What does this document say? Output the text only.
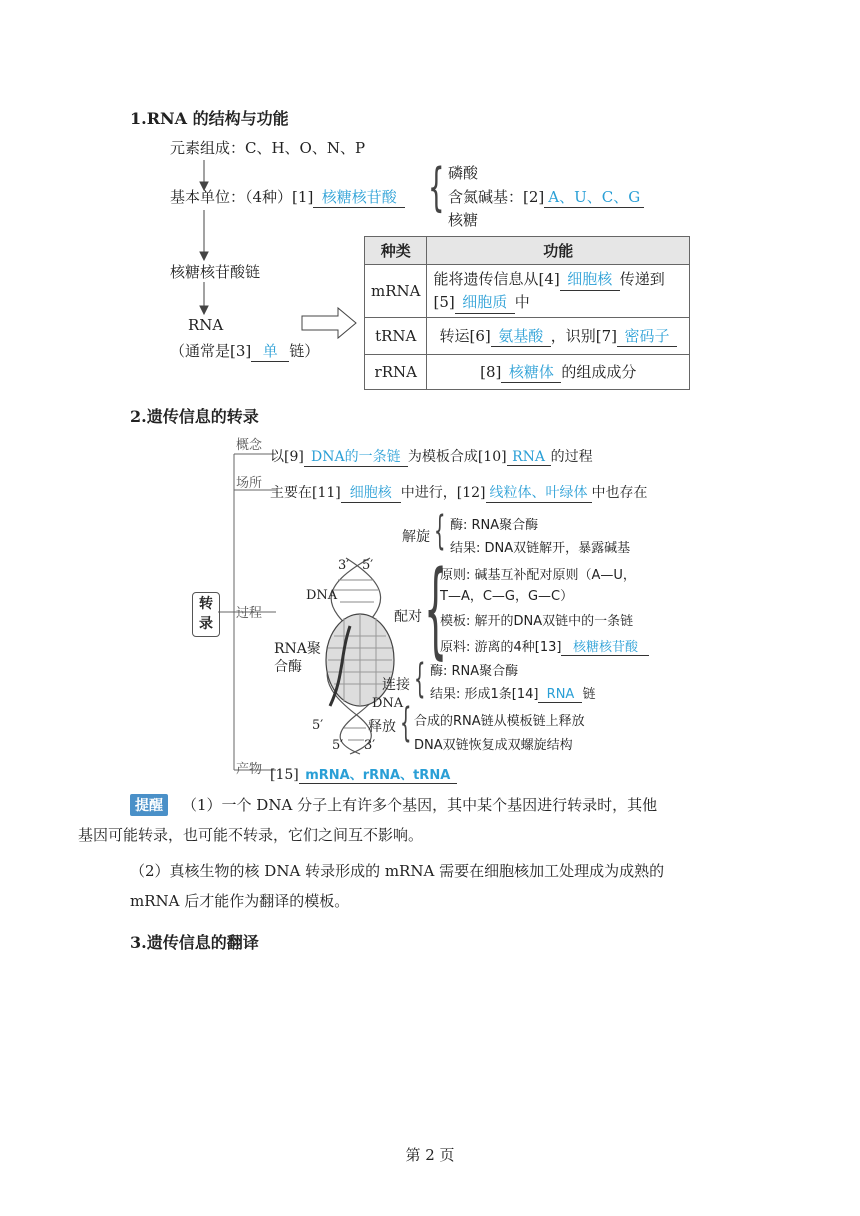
1.RNA 的结构与功能
元素组成：C、H、O、N、P
基本单位：（4种）[1] 核糖核苷酸 { 磷酸
含氮碱基：[2] A、U、C、G
核糖
核糖核苷酸链
RNA
（通常是[3] 单 链）
种类	功能
mRNA	能将遗传信息从[4] 细胞核 传递到
[5] 细胞质 中
tRNA	转运[6] 氨基酸 ，识别[7] 密码子
rRNA	[8] 核糖体 的组成成分
2.遗传信息的转录
转
录
概念
以[9] DNA的一条链 为模板合成[10] RNA 的过程
场所
主要在[11] 细胞核 中进行，[12] 线粒体、叶绿体 中也存在
过程
3′ 5′
DNA
RNA聚
合酶
DNA
5′
5′ 3′
解旋 { 酶: RNA聚合酶
结果: DNA双链解开，暴露碱基
配对 {
原则: 碱基互补配对原则（A—U，
T—A，C—G，G—C）
模板: 解开的DNA双链中的一条链
原料: 游离的4种[13] 核糖核苷酸
连接 { 酶: RNA聚合酶
结果: 形成1条[14] RNA 链
释放 { 合成的RNA链从模板链上释放
DNA双链恢复成双螺旋结构
产物 [15] mRNA、rRNA、tRNA
提醒	（1）一个 DNA 分子上有许多个基因，其中某个基因进行转录时，其他
基因可能转录，也可能不转录，它们之间互不影响。
（2）真核生物的核 DNA 转录形成的 mRNA 需要在细胞核加工处理成为成熟的
mRNA 后才能作为翻译的模板。
3.遗传信息的翻译
第 2 页
